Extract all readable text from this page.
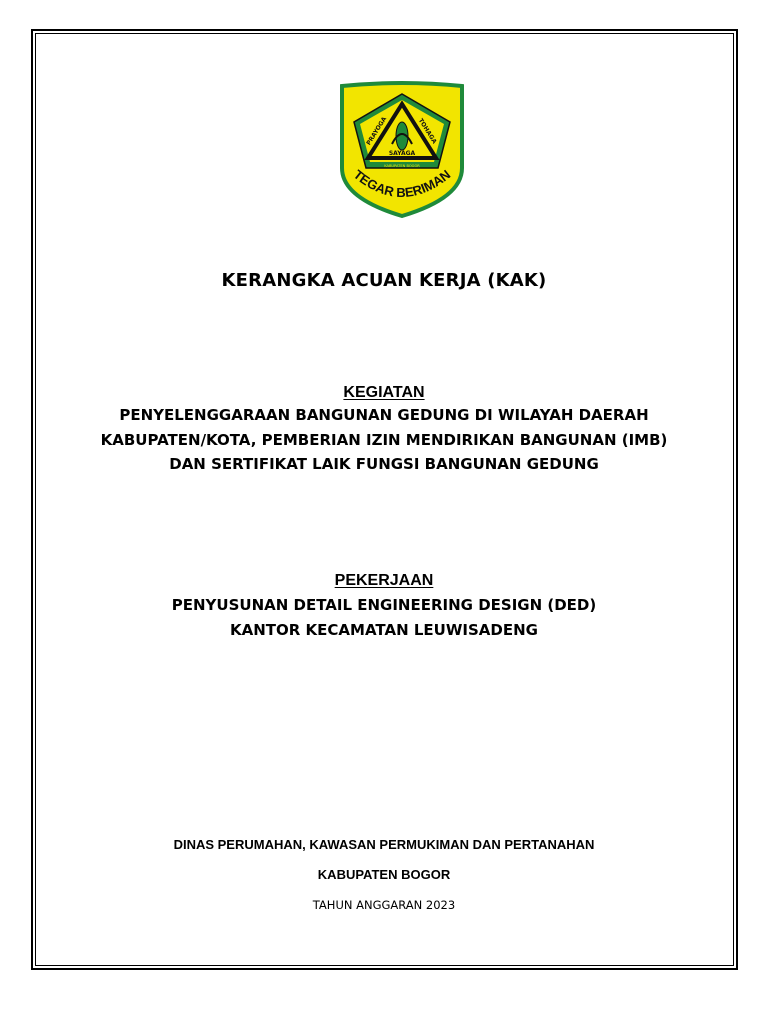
PRAYOGA	TOHAGA
SAYAGA
KABUPATEN BOGOR
TEGAR BERIMAN
KERANGKA ACUAN KERJA (KAK)
KEGIATAN
PENYELENGGARAAN BANGUNAN GEDUNG DI WILAYAH DAERAH
KABUPATEN/KOTA, PEMBERIAN IZIN MENDIRIKAN BANGUNAN (IMB)
DAN SERTIFIKAT LAIK FUNGSI BANGUNAN GEDUNG
PEKERJAAN
PENYUSUNAN DETAIL ENGINEERING DESIGN (DED)
KANTOR KECAMATAN LEUWISADENG
DINAS PERUMAHAN, KAWASAN PERMUKIMAN DAN PERTANAHAN
KABUPATEN BOGOR
TAHUN ANGGARAN 2023
